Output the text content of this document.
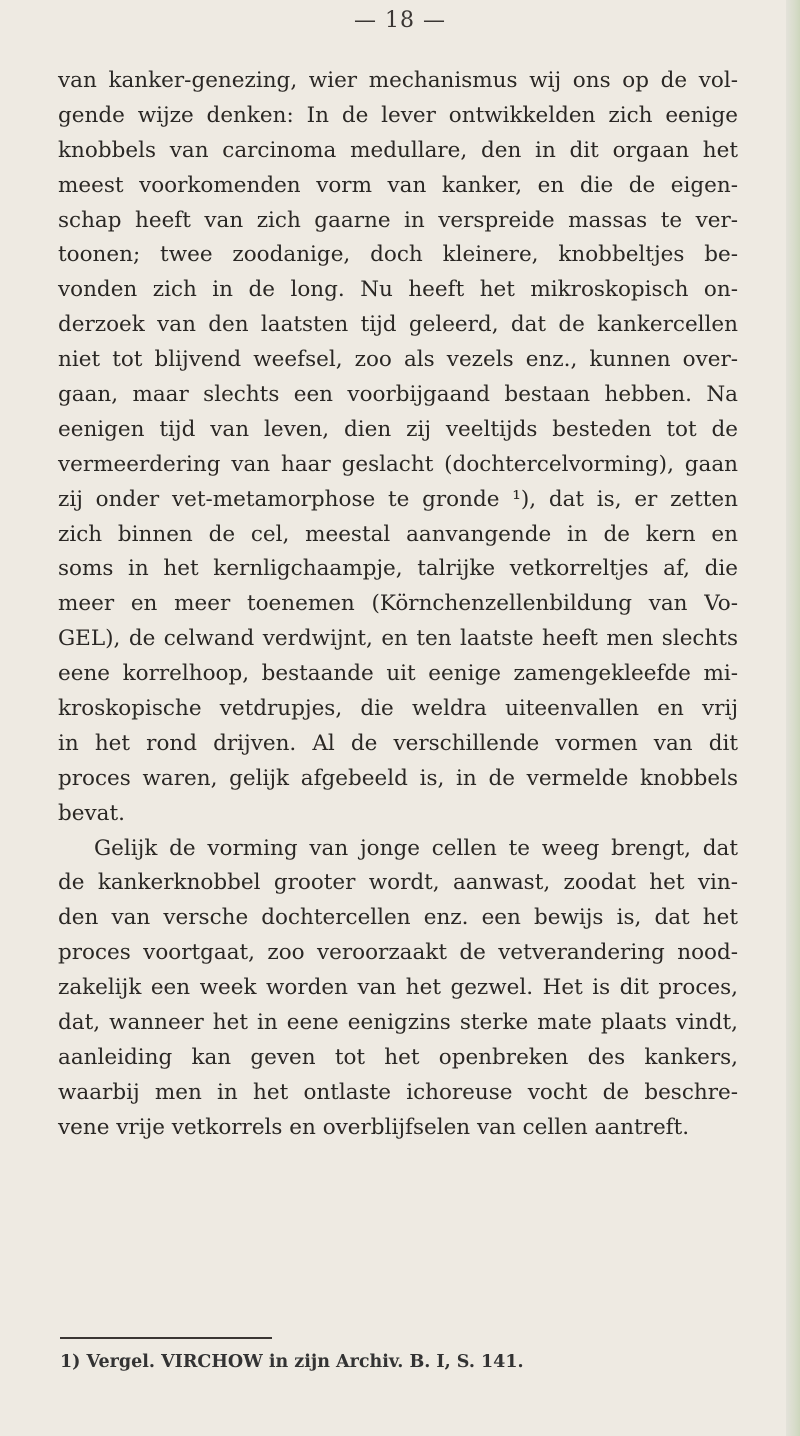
— 18 —
van kanker-genezing, wier mechanismus wij ons op de vol-
gende wijze denken: In de lever ontwikkelden zich eenige
knobbels van carcinoma medullare, den in dit orgaan het
meest voorkomenden vorm van kanker, en die de eigen-
schap heeft van zich gaarne in verspreide massas te ver-
toonen; twee zoodanige, doch kleinere, knobbeltjes be-
vonden zich in de long. Nu heeft het mikroskopisch on-
derzoek van den laatsten tijd geleerd, dat de kankercellen
niet tot blijvend weefsel, zoo als vezels enz., kunnen over-
gaan, maar slechts een voorbijgaand bestaan hebben. Na
eenigen tijd van leven, dien zij veeltijds besteden tot de
vermeerdering van haar geslacht (dochtercelvorming), gaan
zij onder vet-metamorphose te gronde ¹), dat is, er zetten
zich binnen de cel, meestal aanvangende in de kern en
soms in het kernligchaampje, talrijke vetkorreltjes af, die
meer en meer toenemen (Körnchenzellenbildung van Vo-
GEL), de celwand verdwijnt, en ten laatste heeft men slechts
eene korrelhoop, bestaande uit eenige zamengekleefde mi-
kroskopische vetdrupjes, die weldra uiteenvallen en vrij
in het rond drijven. Al de verschillende vormen van dit
proces waren, gelijk afgebeeld is, in de vermelde knobbels
bevat.
Gelijk de vorming van jonge cellen te weeg brengt, dat
de kankerknobbel grooter wordt, aanwast, zoodat het vin-
den van versche dochtercellen enz. een bewijs is, dat het
proces voortgaat, zoo veroorzaakt de vetverandering nood-
zakelijk een week worden van het gezwel. Het is dit proces,
dat, wanneer het in eene eenigzins sterke mate plaats vindt,
aanleiding kan geven tot het openbreken des kankers,
waarbij men in het ontlaste ichoreuse vocht de beschre-
vene vrije vetkorrels en overblijfselen van cellen aantreft.
1) Vergel. VIRCHOW in zijn Archiv. B. I, S. 141.
